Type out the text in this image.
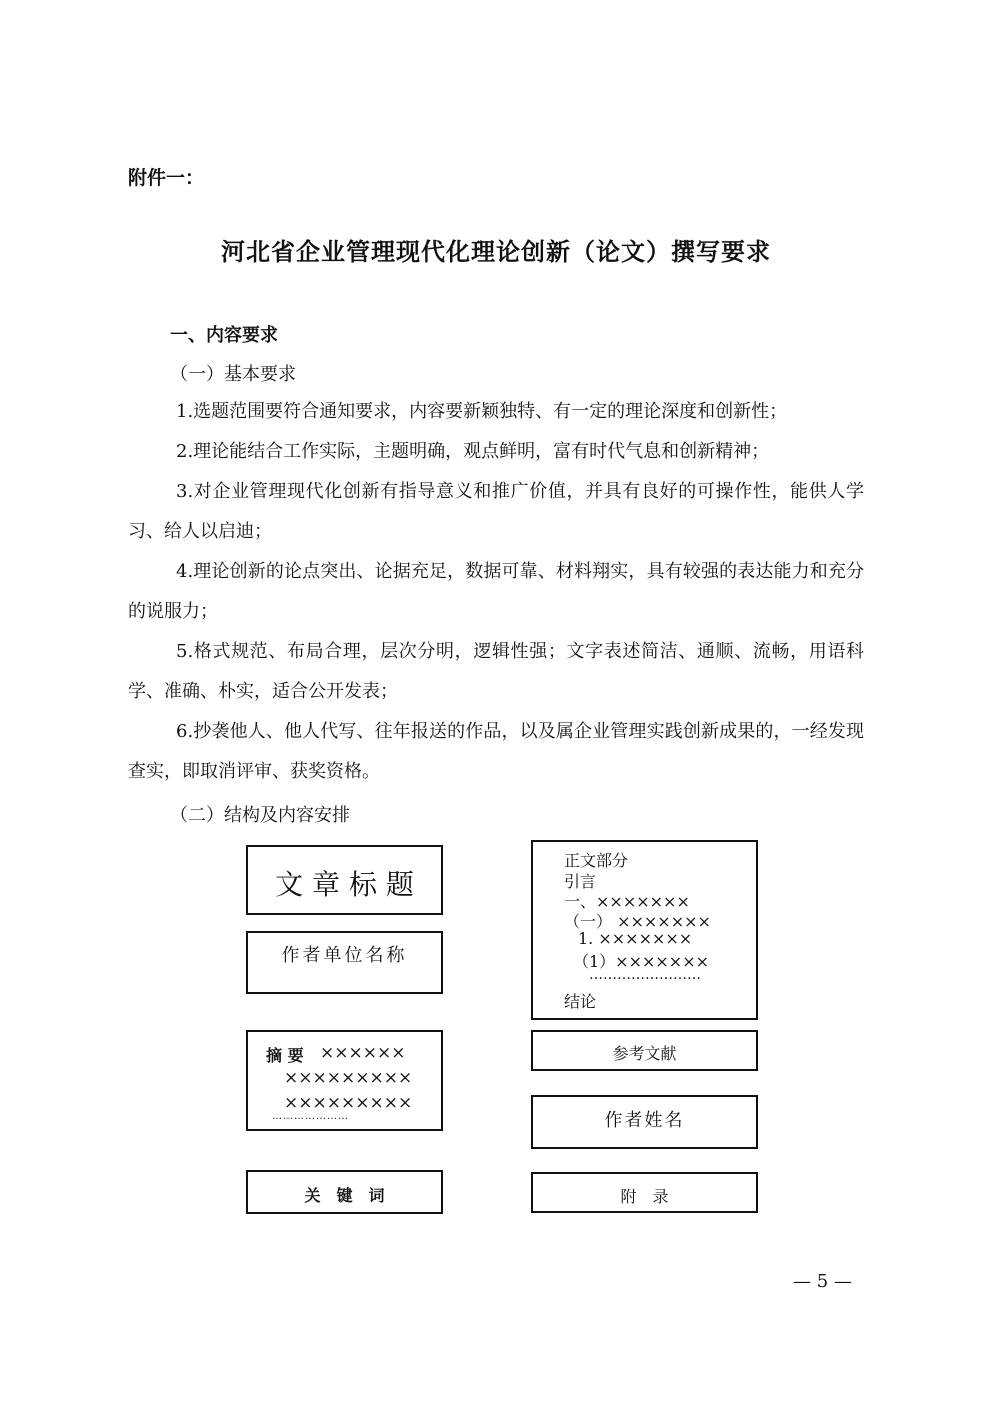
附件一：
河北省企业管理现代化理论创新（论文）撰写要求
一、内容要求
（一）基本要求
1.选题范围要符合通知要求，内容要新颖独特、有一定的理论深度和创新性；
2.理论能结合工作实际，主题明确，观点鲜明，富有时代气息和创新精神；
3.对企业管理现代化创新有指导意义和推广价值，并具有良好的可操作性，能供人学习、给人以启迪；
4.理论创新的论点突出、论据充足，数据可靠、材料翔实，具有较强的表达能力和充分的说服力；
5.格式规范、布局合理，层次分明，逻辑性强；文字表述简洁、通顺、流畅，用语科学、准确、朴实，适合公开发表；
6.抄袭他人、他人代写、往年报送的作品，以及属企业管理实践创新成果的，一经发现查实，即取消评审、获奖资格。
（二）结构及内容安排
文 章 标 题
作者单位名称
摘 要 ××××××
×××××××××
×××××××××
…………………
关　键　词
正文部分
引言
一、×××××××
（一） ×××××××
1. ×××××××
（1）×××××××
……………………
结论
参考文献
作者姓名
附　录
— 5 —
